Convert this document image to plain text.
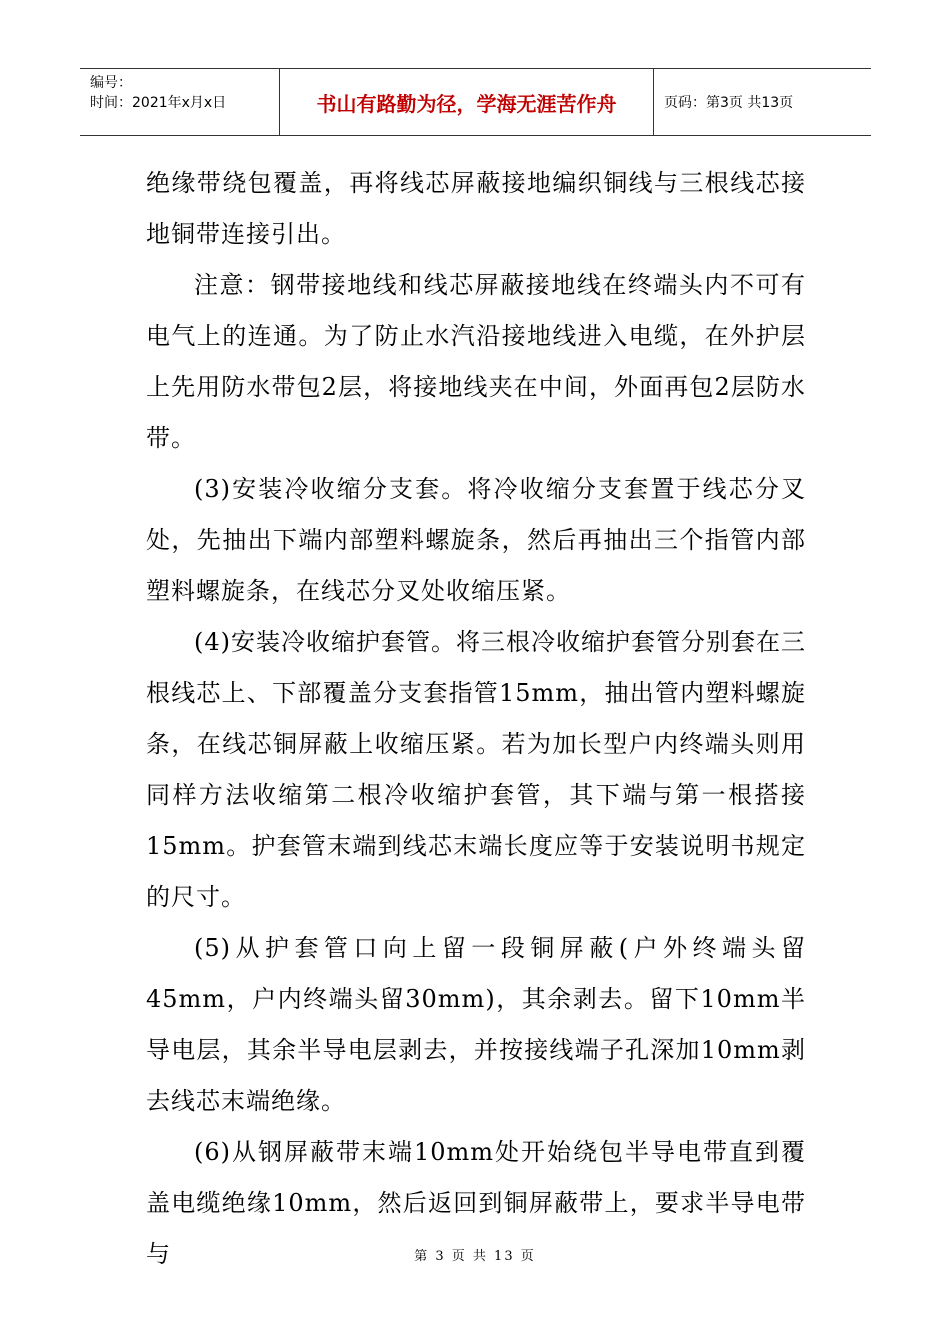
编号：
时间：2021年x月x日	书山有路勤为径，学海无涯苦作舟	页码：第3页 共13页

绝缘带绕包覆盖，再将线芯屏蔽接地编织铜线与三根线芯接地铜带连接引出。

注意：钢带接地线和线芯屏蔽接地线在终端头内不可有电气上的连通。为了防止水汽沿接地线进入电缆，在外护层上先用防水带包2层，将接地线夹在中间，外面再包2层防水带。

(3)安装冷收缩分支套。将冷收缩分支套置于线芯分叉处，先抽出下端内部塑料螺旋条，然后再抽出三个指管内部塑料螺旋条，在线芯分叉处收缩压紧。

(4)安装冷收缩护套管。将三根冷收缩护套管分别套在三根线芯上、下部覆盖分支套指管15mm，抽出管内塑料螺旋条，在线芯铜屏蔽上收缩压紧。若为加长型户内终端头则用同样方法收缩第二根冷收缩护套管，其下端与第一根搭接15mm。护套管末端到线芯末端长度应等于安装说明书规定的尺寸。

(5)从护套管口向上留一段铜屏蔽(户外终端头留45mm，户内终端头留30mm)，其余剥去。留下10mm半导电层，其余半导电层剥去，并按接线端子孔深加10mm剥去线芯末端绝缘。

(6)从钢屏蔽带末端10mm处开始绕包半导电带直到覆盖电缆绝缘10mm，然后返回到铜屏蔽带上，要求半导电带与	第 3 页 共 13 页
